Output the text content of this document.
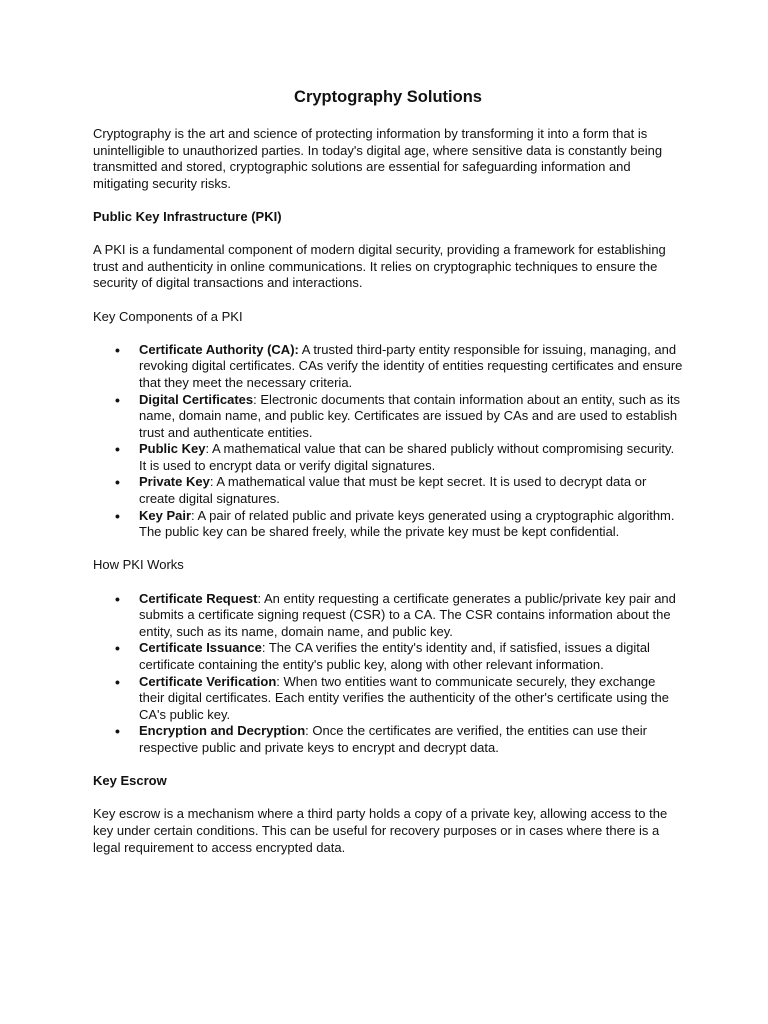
Cryptography Solutions

Cryptography is the art and science of protecting information by transforming it into a form that is unintelligible to unauthorized parties. In today's digital age, where sensitive data is constantly being transmitted and stored, cryptographic solutions are essential for safeguarding information and mitigating security risks.

Public Key Infrastructure (PKI)

A PKI is a fundamental component of modern digital security, providing a framework for establishing trust and authenticity in online communications. It relies on cryptographic techniques to ensure the security of digital transactions and interactions.

Key Components of a PKI

• Certificate Authority (CA): A trusted third-party entity responsible for issuing, managing, and revoking digital certificates. CAs verify the identity of entities requesting certificates and ensure that they meet the necessary criteria.
• Digital Certificates: Electronic documents that contain information about an entity, such as its name, domain name, and public key. Certificates are issued by CAs and are used to establish trust and authenticate entities.
• Public Key: A mathematical value that can be shared publicly without compromising security. It is used to encrypt data or verify digital signatures.
• Private Key: A mathematical value that must be kept secret. It is used to decrypt data or create digital signatures.
• Key Pair: A pair of related public and private keys generated using a cryptographic algorithm. The public key can be shared freely, while the private key must be kept confidential.

How PKI Works

• Certificate Request: An entity requesting a certificate generates a public/private key pair and submits a certificate signing request (CSR) to a CA. The CSR contains information about the entity, such as its name, domain name, and public key.
• Certificate Issuance: The CA verifies the entity's identity and, if satisfied, issues a digital certificate containing the entity's public key, along with other relevant information.
• Certificate Verification: When two entities want to communicate securely, they exchange their digital certificates. Each entity verifies the authenticity of the other's certificate using the CA's public key.
• Encryption and Decryption: Once the certificates are verified, the entities can use their respective public and private keys to encrypt and decrypt data.
Key Escrow

Key escrow is a mechanism where a third party holds a copy of a private key, allowing access to the key under certain conditions. This can be useful for recovery purposes or in cases where there is a legal requirement to access encrypted data.
